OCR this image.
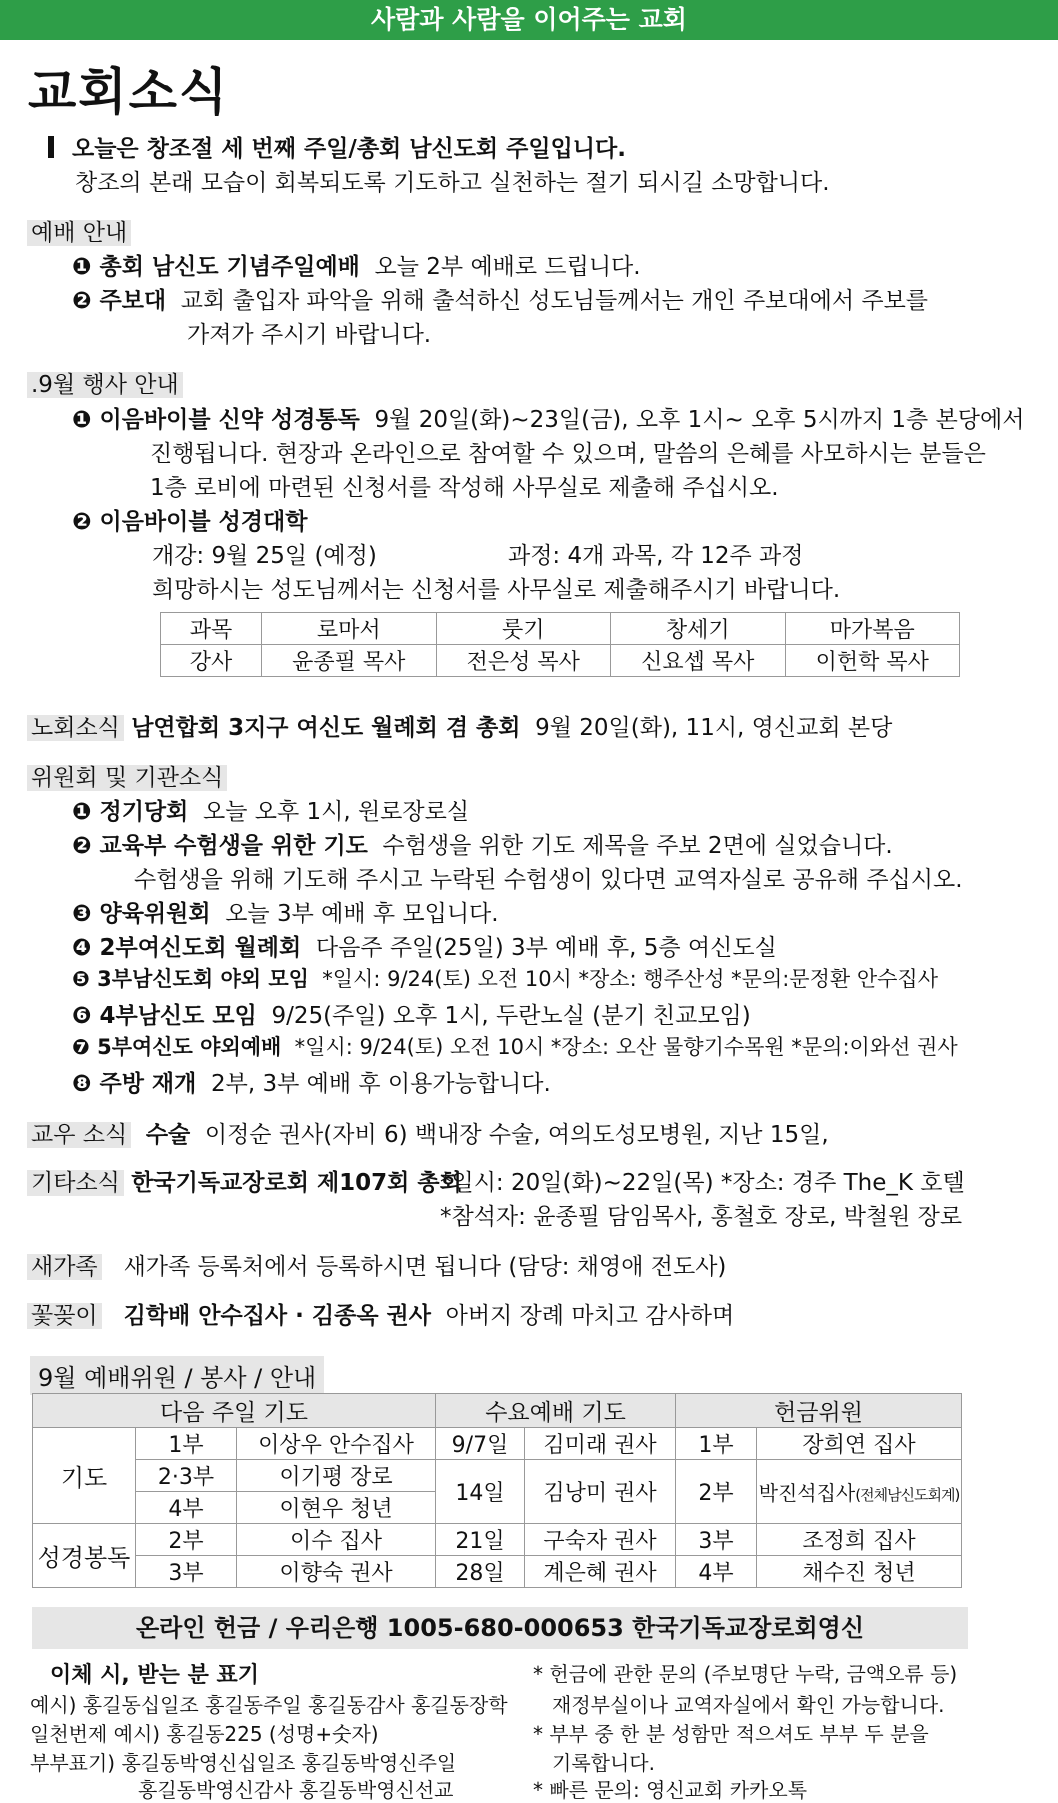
사람과 사람을 이어주는 교회
교회소식
오늘은 창조절 세 번째 주일/총회 남신도회 주일입니다.
창조의 본래 모습이 회복되도록 기도하고 실천하는 절기 되시길 소망합니다.
예배 안내
❶ 총회 남신도 기념주일예배 오늘 2부 예배로 드립니다.
❷ 주보대 교회 출입자 파악을 위해 출석하신 성도님들께서는 개인 주보대에서 주보를
가져가 주시기 바랍니다.
.9월 행사 안내
❶ 이음바이블 신약 성경통독 9월 20일(화)~23일(금), 오후 1시~ 오후 5시까지 1층 본당에서
진행됩니다. 현장과 온라인으로 참여할 수 있으며, 말씀의 은혜를 사모하시는 분들은
1층 로비에 마련된 신청서를 작성해 사무실로 제출해 주십시오.
❷ 이음바이블 성경대학
개강: 9월 25일 (예정)	과정: 4개 과목, 각 12주 과정
희망하시는 성도님께서는 신청서를 사무실로 제출해주시기 바랍니다.
과목	로마서	룻기	창세기	마가복음
강사	윤종필 목사	전은성 목사	신요셉 목사	이헌학 목사
노회소식 남연합회 3지구 여신도 월례회 겸 총회 9월 20일(화), 11시, 영신교회 본당
위원회 및 기관소식
❶ 정기당회 오늘 오후 1시, 원로장로실
❷ 교육부 수험생을 위한 기도 수험생을 위한 기도 제목을 주보 2면에 실었습니다.
수험생을 위해 기도해 주시고 누락된 수험생이 있다면 교역자실로 공유해 주십시오.
❸ 양육위원회 오늘 3부 예배 후 모입니다.
❹ 2부여신도회 월례회 다음주 주일(25일) 3부 예배 후, 5층 여신도실
❺ 3부남신도회 야외 모임 *일시: 9/24(토) 오전 10시 *장소: 행주산성 *문의:문정환 안수집사
❻ 4부남신도 모임 9/25(주일) 오후 1시, 두란노실 (분기 친교모임)
❼ 5부여신도 야외예배 *일시: 9/24(토) 오전 10시 *장소: 오산 물향기수목원 *문의:이와선 권사
❽ 주방 재개 2부, 3부 예배 후 이용가능합니다.
교우 소식 수술 이정순 권사(자비 6) 백내장 수술, 여의도성모병원, 지난 15일,
기타소식 한국기독교장로회 제107회 총회
*일시: 20일(화)~22일(목) *장소: 경주 The_K 호텔
*참석자: 윤종필 담임목사, 홍철호 장로, 박철원 장로
새가족 새가족 등록처에서 등록하시면 됩니다 (담당: 채영애 전도사)
꽃꽂이 김학배 안수집사 · 김종옥 권사 아버지 장례 마치고 감사하며
9월 예배위원 / 봉사 / 안내
다음 주일 기도			수요예배 기도		헌금위원	
기도	1부	이상우 안수집사	9/7일	김미래 권사	1부	장희연 집사
	2·3부	이기평 장로	14일	김낭미 권사	2부	박진석집사(전체남신도회계)
	4부	이현우 청년				
성경봉독	2부	이수 집사	21일	구숙자 권사	3부	조정희 집사
	3부	이향숙 권사	28일	계은혜 권사	4부	채수진 청년
온라인 헌금 / 우리은행 1005-680-000653 한국기독교장로회영신
이체 시, 받는 분 표기
예시) 홍길동십일조 홍길동주일 홍길동감사 홍길동장학
일천번제 예시) 홍길동225 (성명+숫자)
부부표기) 홍길동박영신십일조 홍길동박영신주일
홍길동박영신감사 홍길동박영신선교
* 헌금에 관한 문의 (주보명단 누락, 금액오류 등)
재정부실이나 교역자실에서 확인 가능합니다.
* 부부 중 한 분 성함만 적으셔도 부부 두 분을
기록합니다.
* 빠른 문의: 영신교회 카카오톡
